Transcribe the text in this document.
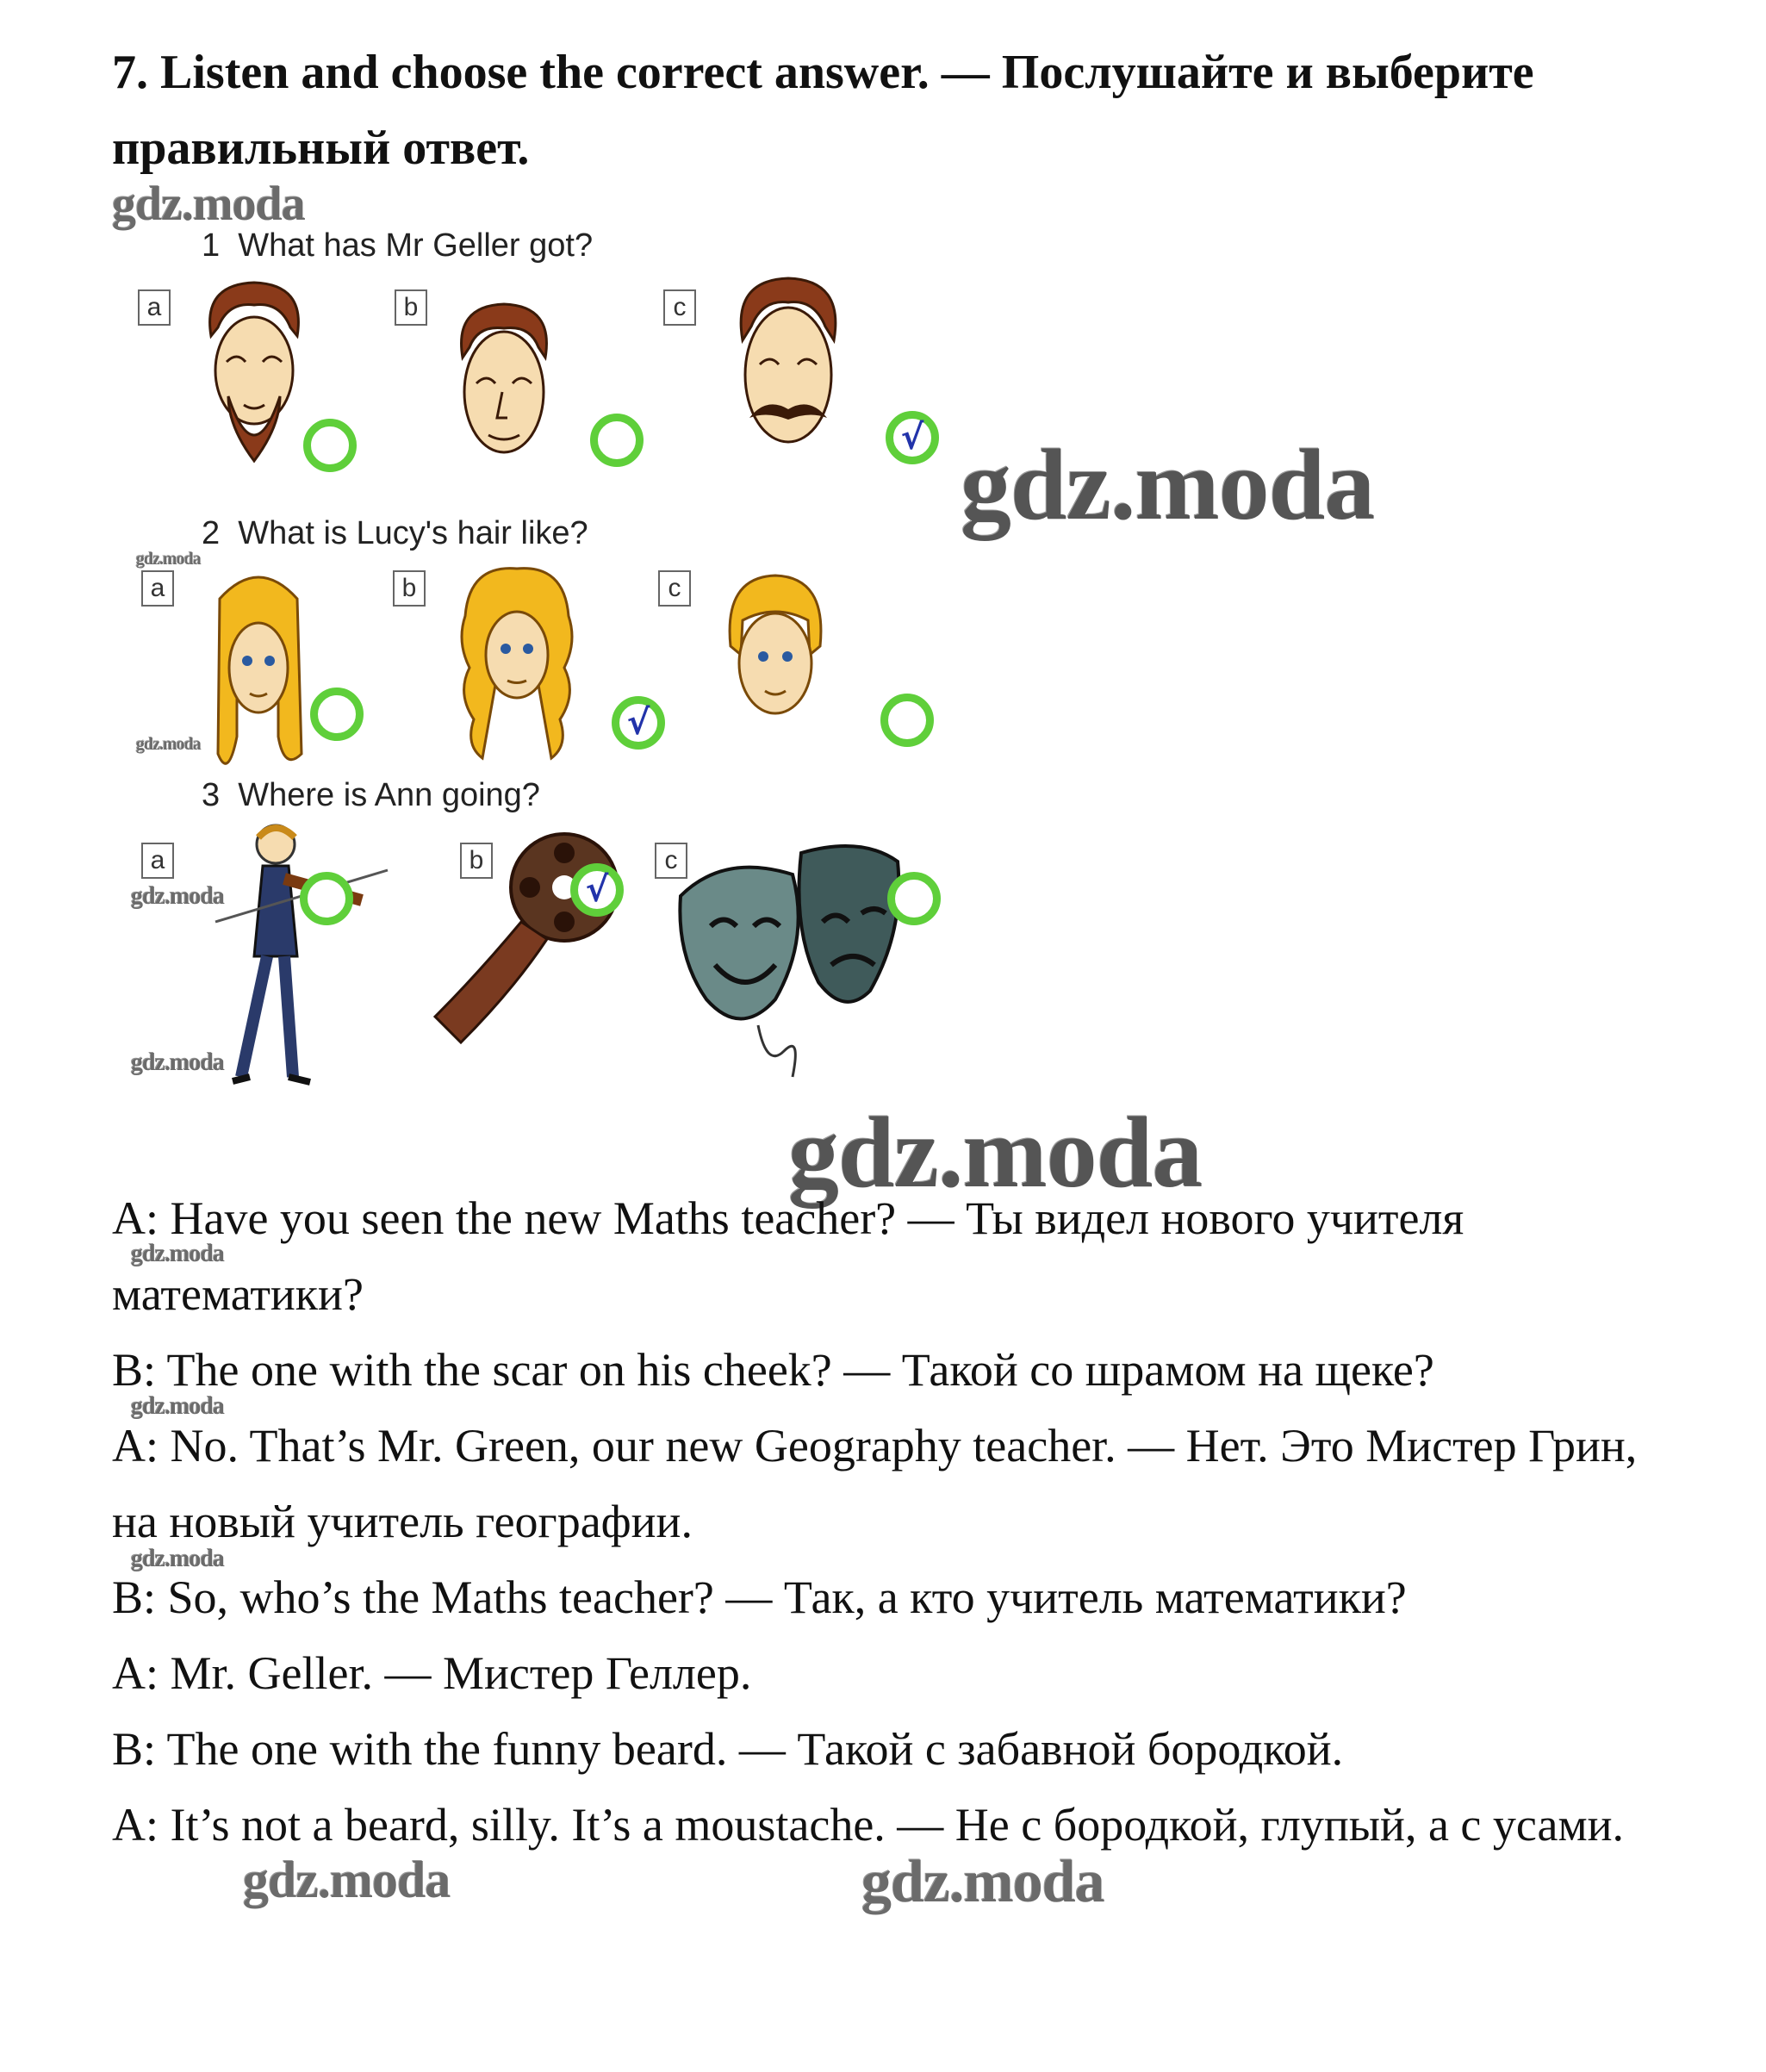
7. Listen and choose the correct answer. — Послушайте и выберите правильный ответ.
gdz.moda
gdz.moda
gdz.moda
gdz.moda
gdz.moda
gdz.moda
gdz.moda
gdz.moda
gdz.moda
gdz.moda
gdz.moda	gdz.moda
1 What has Mr Geller got?
a	b	c
√
2 What is Lucy's hair like?
a	b
√
c
3 Where is Ann going?
a	b
√
c

A: Have you seen the new Maths teacher? — Ты видел нового учителя математики?

B: The one with the scar on his cheek? — Такой со шрамом на щеке?

A: No. That’s Mr. Green, our new Geography teacher. — Нет. Это Мистер Грин, на новый учитель географии.

B: So, who’s the Maths teacher? — Так, а кто учитель математики?

A: Mr. Geller. — Мистер Геллер.

B: The one with the funny beard. — Такой с забавной бородкой.

A: It’s not a beard, silly. It’s a moustache. — Не с бородкой, глупый, а с усами.
